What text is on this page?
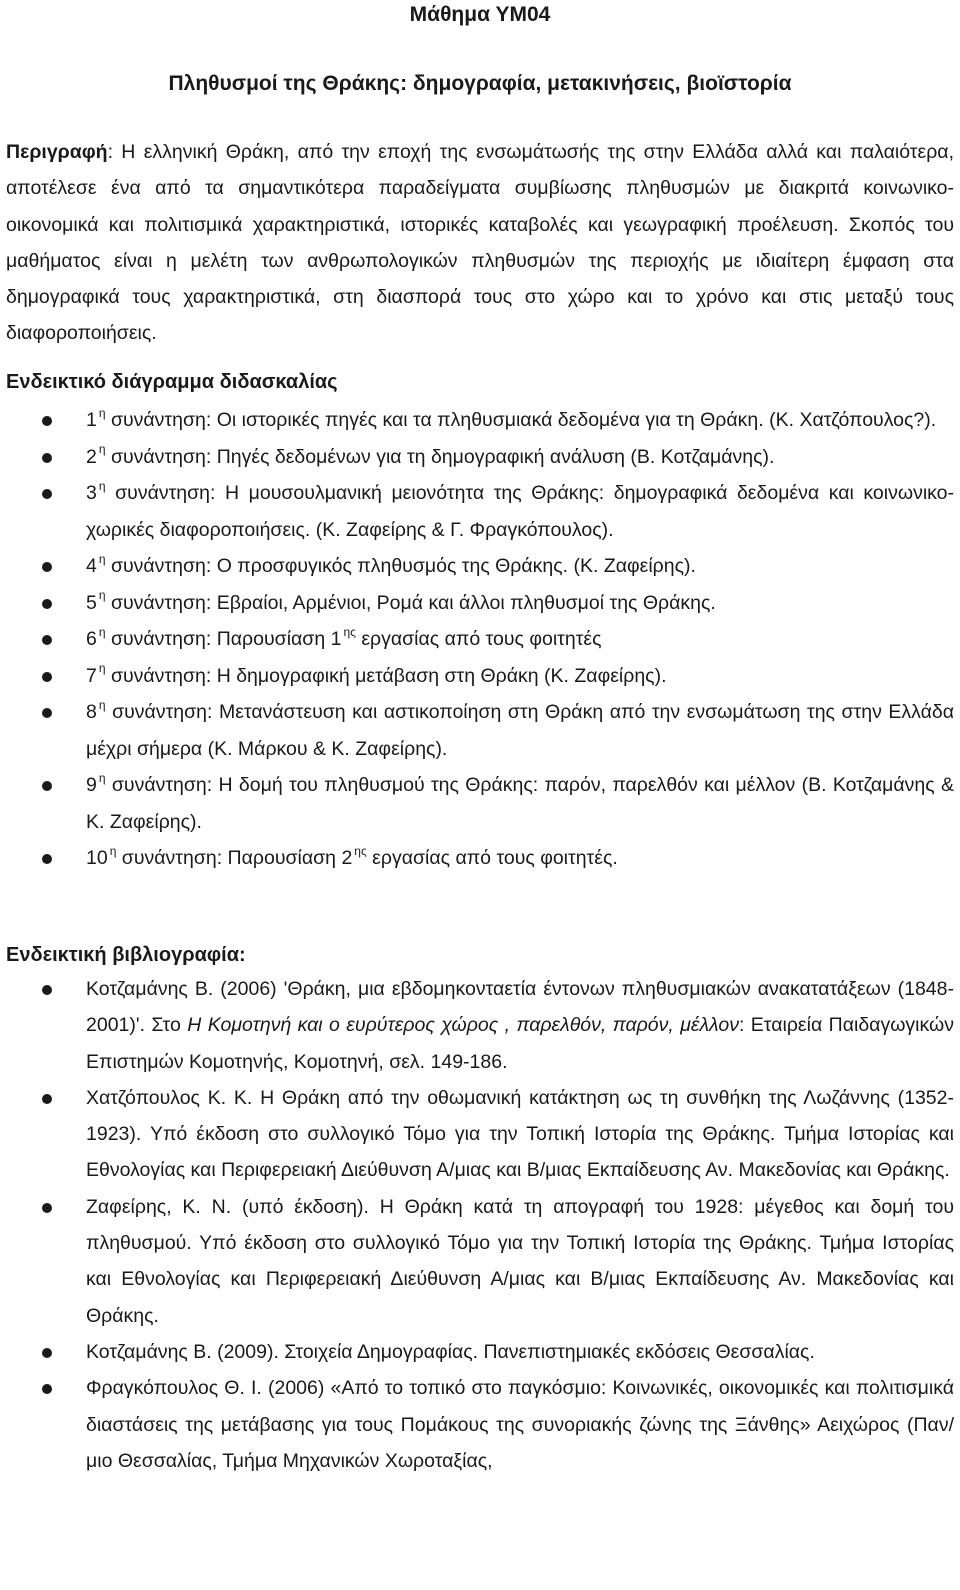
Μάθημα ΥΜ04
Πληθυσμοί της Θράκης: δημογραφία, μετακινήσεις, βιοϊστορία

Περιγραφή: Η ελληνική Θράκη, από την εποχή της ενσωμάτωσής της στην Ελλάδα αλλά και παλαιότερα, αποτέλεσε ένα από τα σημαντικότερα παραδείγματα συμβίωσης πληθυσμών με διακριτά κοινωνικο-οικονομικά και πολιτισμικά χαρακτηριστικά, ιστορικές καταβολές και γεωγραφική προέλευση. Σκοπός του μαθήματος είναι η μελέτη των ανθρωπολογικών πληθυσμών της περιοχής με ιδιαίτερη έμφαση στα δημογραφικά τους χαρακτηριστικά, στη διασπορά τους στο χώρο και το χρόνο και στις μεταξύ τους διαφοροποιήσεις.

Ενδεικτικό διάγραμμα διδασκαλίας
1 $^\eta$ συνάντηση: Οι ιστορικές πηγές και τα πληθυσμιακά δεδομένα για τη Θράκη. (Κ. Χατζόπουλος?).
2 $^\eta$ συνάντηση: Πηγές δεδομένων για τη δημογραφική ανάλυση (Β. Κοτζαμάνης).
3 $^\eta$ συνάντηση: Η μουσουλμανική μειονότητα της Θράκης: δημογραφικά δεδομένα και κοινωνικο-χωρικές διαφοροποιήσεις. (Κ. Ζαφείρης & Γ. Φραγκόπουλος).
4 $^\eta$ συνάντηση: Ο προσφυγικός πληθυσμός της Θράκης. (Κ. Ζαφείρης).
5 $^\eta$ συνάντηση: Εβραίοι, Αρμένιοι, Ρομά και άλλοι πληθυσμοί της Θράκης.
6 $^\eta$ συνάντηση: Παρουσίαση 1 $^{\eta\varsigma}$ εργασίας από τους φοιτητές
7 $^\eta$ συνάντηση: Η δημογραφική μετάβαση στη Θράκη (Κ. Ζαφείρης).
8 $^\eta$ συνάντηση: Μετανάστευση και αστικοποίηση στη Θράκη από την ενσωμάτωση της στην Ελλάδα μέχρι σήμερα (Κ. Μάρκου & Κ. Ζαφείρης).
9 $^\eta$ συνάντηση: Η δομή του πληθυσμού της Θράκης: παρόν, παρελθόν και μέλλον (Β. Κοτζαμάνης & Κ. Ζαφείρης).
10 $^\eta$ συνάντηση: Παρουσίαση 2 $^{\eta\varsigma}$ εργασίας από τους φοιτητές.
Ενδεικτική βιβλιογραφία:
Κοτζαμάνης Β. (2006) 'Θράκη, μια εβδομηκονταετία έντονων πληθυσμιακών ανακατατάξεων (1848-2001)'. Στο Η Κομοτηνή και ο ευρύτερος χώρος , παρελθόν, παρόν, μέλλον: Εταιρεία Παιδαγωγικών Επιστημών Κομοτηνής, Κομοτηνή, σελ. 149-186.
Χατζόπουλος Κ. Κ. Η Θράκη από την οθωμανική κατάκτηση ως τη συνθήκη της Λωζάννης (1352-1923). Υπό έκδοση στο συλλογικό Τόμο για την Τοπική Ιστορία της Θράκης. Τμήμα Ιστορίας και Εθνολογίας και Περιφερειακή Διεύθυνση Α/μιας και Β/μιας Εκπαίδευσης Αν. Μακεδονίας και Θράκης.
Ζαφείρης, Κ. Ν. (υπό έκδοση). Η Θράκη κατά τη απογραφή του 1928: μέγεθος και δομή του πληθυσμού. Υπό έκδοση στο συλλογικό Τόμο για την Τοπική Ιστορία της Θράκης. Τμήμα Ιστορίας και Εθνολογίας και Περιφερειακή Διεύθυνση Α/μιας και Β/μιας Εκπαίδευσης Αν. Μακεδονίας και Θράκης.
Κοτζαμάνης Β. (2009). Στοιχεία Δημογραφίας. Πανεπιστημιακές εκδόσεις Θεσσαλίας.
Φραγκόπουλος Θ. Ι. (2006) «Από το τοπικό στο παγκόσμιο: Κοινωνικές, οικονομικές και πολιτισμικά διαστάσεις της μετάβασης για τους Πομάκους της συνοριακής ζώνης της Ξάνθης» Αειχώρος (Παν/μιο Θεσσαλίας, Τμήμα Μηχανικών Χωροταξίας,
